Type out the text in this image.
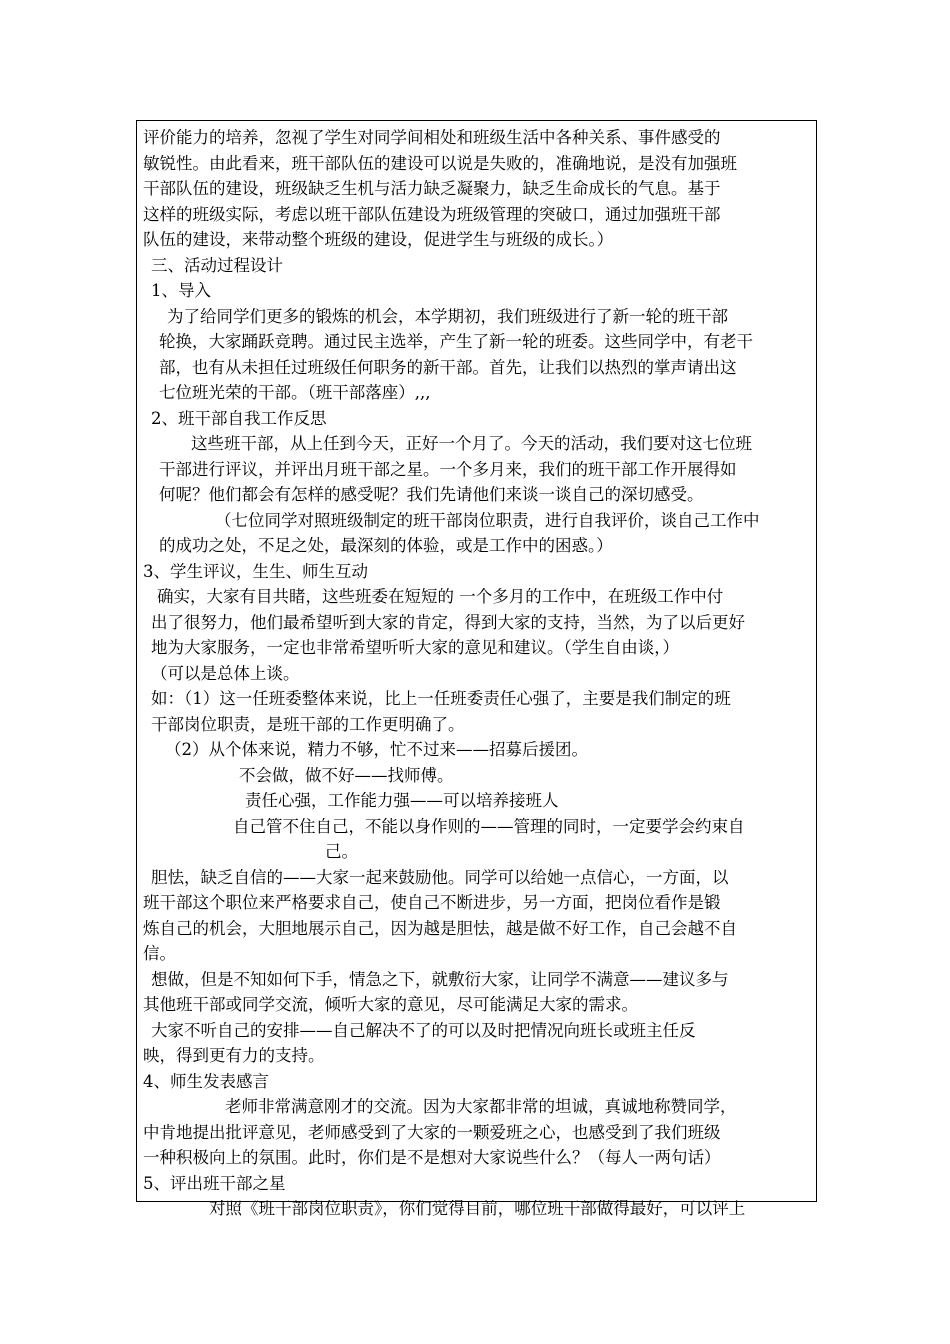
评价能力的培养，忽视了学生对同学间相处和班级生活中各种关系、事件感受的
敏锐性。由此看来，班干部队伍的建设可以说是失败的，准确地说，是没有加强班
干部队伍的建设，班级缺乏生机与活力缺乏凝聚力，缺乏生命成长的气息。基于
这样的班级实际，考虑以班干部队伍建设为班级管理的突破口，通过加强班干部
队伍的建设，来带动整个班级的建设，促进学生与班级的成长。）
三、活动过程设计
1、导入
为了给同学们更多的锻炼的机会，本学期初，我们班级进行了新一轮的班干部
轮换，大家踊跃竞聘。通过民主选举，产生了新一轮的班委。这些同学中，有老干
部，也有从未担任过班级任何职务的新干部。首先，让我们以热烈的掌声请出这
七位班光荣的干部。（班干部落座）,,,
2、班干部自我工作反思
这些班干部，从上任到今天，正好一个月了。今天的活动，我们要对这七位班
干部进行评议，并评出月班干部之星。一个多月来，我们的班干部工作开展得如
何呢？他们都会有怎样的感受呢？我们先请他们来谈一谈自己的深切感受。
（七位同学对照班级制定的班干部岗位职责，进行自我评价，谈自己工作中
的成功之处，不足之处，最深刻的体验，或是工作中的困惑。）
3、学生评议，生生、师生互动
确实，大家有目共睹，这些班委在短短的 一个多月的工作中，在班级工作中付
出了很努力，他们最希望听到大家的肯定，得到大家的支持，当然，为了以后更好
地为大家服务，一定也非常希望听听大家的意见和建议。（学生自由谈，）
（可以是总体上谈。
如：（1）这一任班委整体来说，比上一任班委责任心强了，主要是我们制定的班
干部岗位职责，是班干部的工作更明确了。
（2）从个体来说，精力不够，忙不过来——招募后援团。
不会做，做不好——找师傅。
责任心强，工作能力强——可以培养接班人
自己管不住自己，不能以身作则的——管理的同时，一定要学会约束自
己。
胆怯，缺乏自信的——大家一起来鼓励他。同学可以给她一点信心，一方面，以
班干部这个职位来严格要求自己，使自己不断进步，另一方面，把岗位看作是锻
炼自己的机会，大胆地展示自己，因为越是胆怯，越是做不好工作，自己会越不自
信。
想做，但是不知如何下手，情急之下，就敷衍大家，让同学不满意——建议多与
其他班干部或同学交流，倾听大家的意见，尽可能满足大家的需求。
大家不听自己的安排——自己解决不了的可以及时把情况向班长或班主任反
映，得到更有力的支持。
4、师生发表感言
老师非常满意刚才的交流。因为大家都非常的坦诚，真诚地称赞同学，
中肯地提出批评意见，老师感受到了大家的一颗爱班之心，也感受到了我们班级
一种积极向上的氛围。此时，你们是不是想对大家说些什么？（每人一两句话）
5、评出班干部之星
对照《班干部岗位职责》，你们觉得目前，哪位班干部做得最好，可以评上
